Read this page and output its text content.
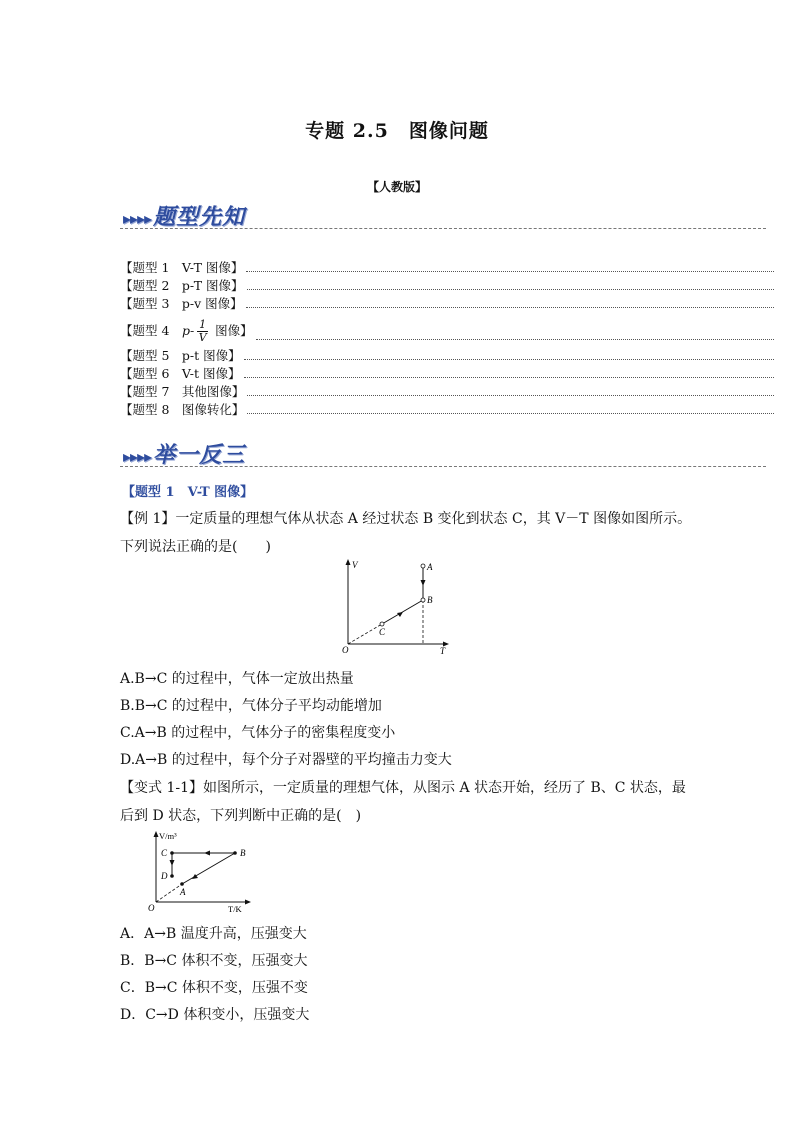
专题 2.5　图像问题
【人教版】
▸▸▸▸题型先知
【题型 1　V-T 图像】
【题型 2　p-T 图像】
【题型 3　p-v 图像】
【题型 4　$p- \frac{1}{V}$ 图像】
【题型 5　p-t 图像】
【题型 6　V-t 图像】
【题型 7　其他图像】
【题型 8　图像转化】
▸▸▸▸举一反三
【题型 1　V-T 图像】
【例 1】一定质量的理想气体从状态 A 经过状态 B 变化到状态 C，其 V－T 图像如图所示。
下列说法正确的是(　　)
V
T
O
A
B
C
A.B→C 的过程中，气体一定放出热量
B.B→C 的过程中，气体分子平均动能增加
C.A→B 的过程中，气体分子的密集程度变小
D.A→B 的过程中，每个分子对器壁的平均撞击力变大
【变式 1-1】如图所示，一定质量的理想气体，从图示 A 状态开始，经历了 B、C 状态，最
后到 D 状态，下列判断中正确的是(　)
V/m³
T/K
O
C	B
D
A
A．A→B 温度升高，压强变大
B．B→C 体积不变，压强变大
C．B→C 体积不变，压强不变
D．C→D 体积变小，压强变大
